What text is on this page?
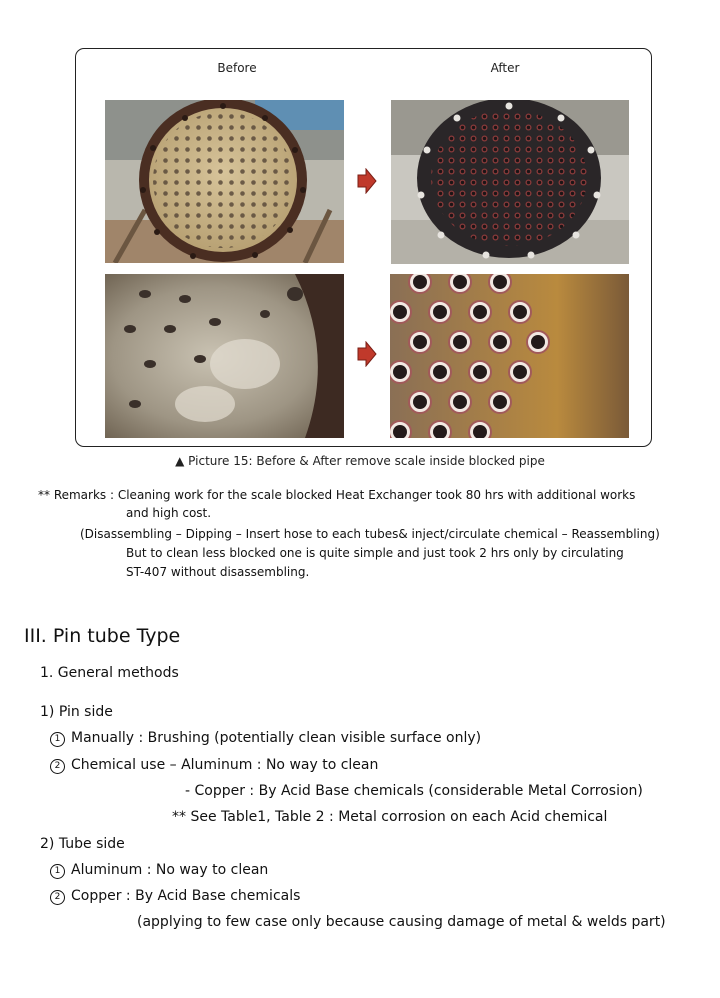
Before	After
▲ Picture 15: Before & After remove scale inside blocked pipe
** Remarks : Cleaning work for the scale blocked Heat Exchanger took 80 hrs with additional works
and high cost.
(Disassembling – Dipping – Insert hose to each tubes& inject/circulate chemical – Reassembling)
But to clean less blocked one is quite simple and just took 2 hrs only by circulating
ST-407 without disassembling.
III. Pin tube Type
1. General methods
1) Pin side
1 Manually : Brushing (potentially clean visible surface only)
2 Chemical use – Aluminum : No way to clean
- Copper : By Acid Base chemicals (considerable Metal Corrosion)
** See Table1, Table 2 : Metal corrosion on each Acid chemical
2) Tube side
1 Aluminum : No way to clean
2 Copper : By Acid Base chemicals
(applying to few case only because causing damage of metal & welds part)
